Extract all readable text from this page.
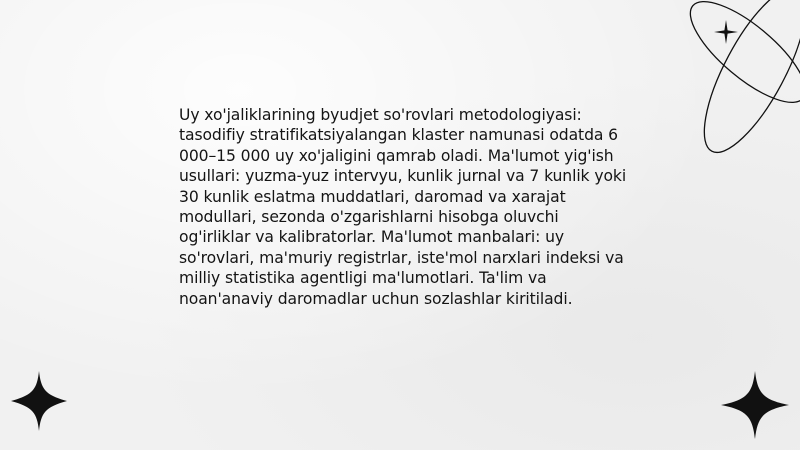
Uy xo'jaliklarining byudjet so'rovlari metodologiyasi: tasodifiy stratifikatsiyalangan klaster namunasi odatda 6 000–15 000 uy xo'jaligini qamrab oladi. Ma'lumot yig'ish usullari: yuzma-yuz intervyu, kunlik jurnal va 7 kunlik yoki 30 kunlik eslatma muddatlari, daromad va xarajat modullari, sezonda o'zgarishlarni hisobga oluvchi og'irliklar va kalibratorlar. Ma'lumot manbalari: uy so'rovlari, ma'muriy registrlar, iste'mol narxlari indeksi va milliy statistika agentligi ma'lumotlari. Ta'lim va noan'anaviy daromadlar uchun sozlashlar kiritiladi.
